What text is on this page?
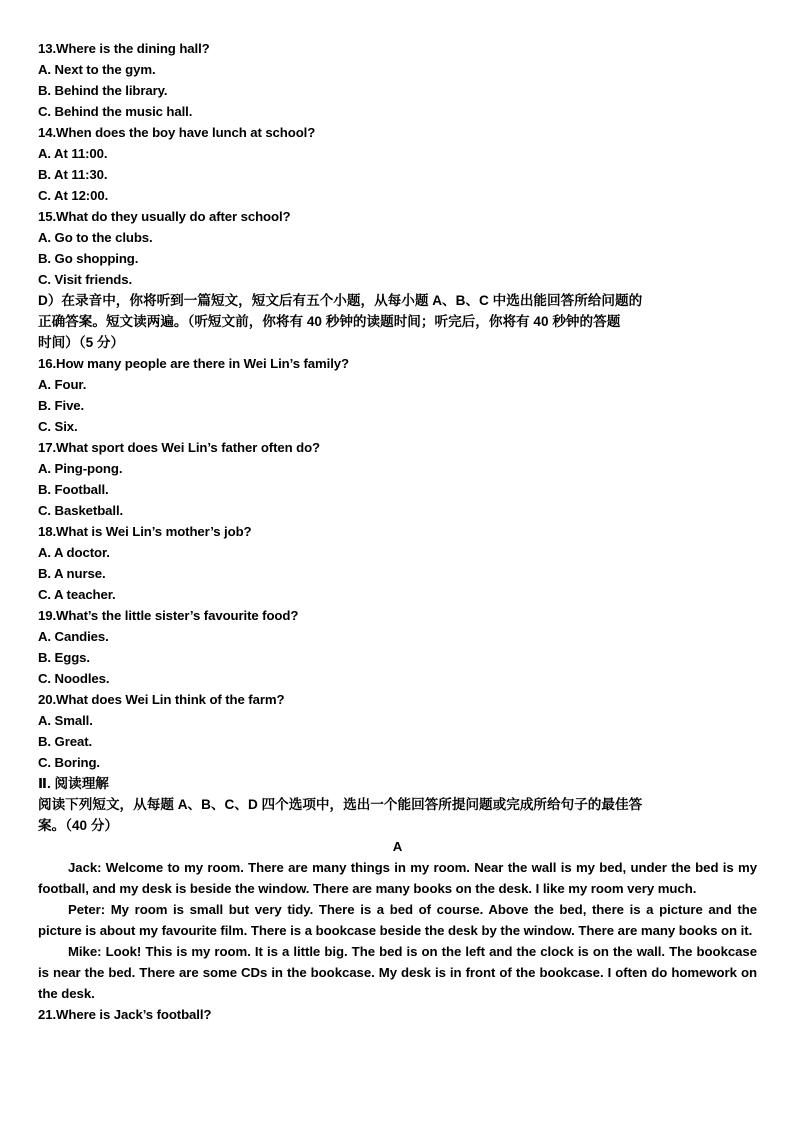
13.Where is the dining hall?
A. Next to the gym.
B. Behind the library.
C. Behind the music hall.
14.When does the boy have lunch at school?
A. At 11:00.
B. At 11:30.
C. At 12:00.
15.What do they usually do after school?
A. Go to the clubs.
B. Go shopping.
C. Visit friends.
D）在录音中，你将听到一篇短文，短文后有五个小题，从每小题 A、B、C 中选出能回答所给问题的
正确答案。短文读两遍。（听短文前，你将有 40 秒钟的读题时间；听完后，你将有 40 秒钟的答题
时间）（5 分）
16.How many people are there in Wei Lin’s family?
A. Four.
B. Five.
C. Six.
17.What sport does Wei Lin’s father often do?
A. Ping-pong.
B. Football.
C. Basketball.
18.What is Wei Lin’s mother’s job?
A. A doctor.
B. A nurse.
C. A teacher.
19.What’s the little sister’s favourite food?
A. Candies.
B. Eggs.
C. Noodles.
20.What does Wei Lin think of the farm?
A. Small.
B. Great.
C. Boring.
Ⅱ. 阅读理解
阅读下列短文，从每题 A、B、C、D 四个选项中，选出一个能回答所提问题或完成所给句子的最佳答
案。（40 分）
A
Jack: Welcome to my room. There are many things in my room. Near the wall is my bed, under the bed is my football, and my desk is beside the window. There are many books on the desk. I like my room very much.
Peter: My room is small but very tidy. There is a bed of course. Above the bed, there is a picture and the picture is about my favourite film. There is a bookcase beside the desk by the window. There are many books on it.
Mike: Look! This is my room. It is a little big. The bed is on the left and the clock is on the wall. The bookcase is near the bed. There are some CDs in the bookcase. My desk is in front of the bookcase. I often do homework on the desk.
21.Where is Jack’s football?
